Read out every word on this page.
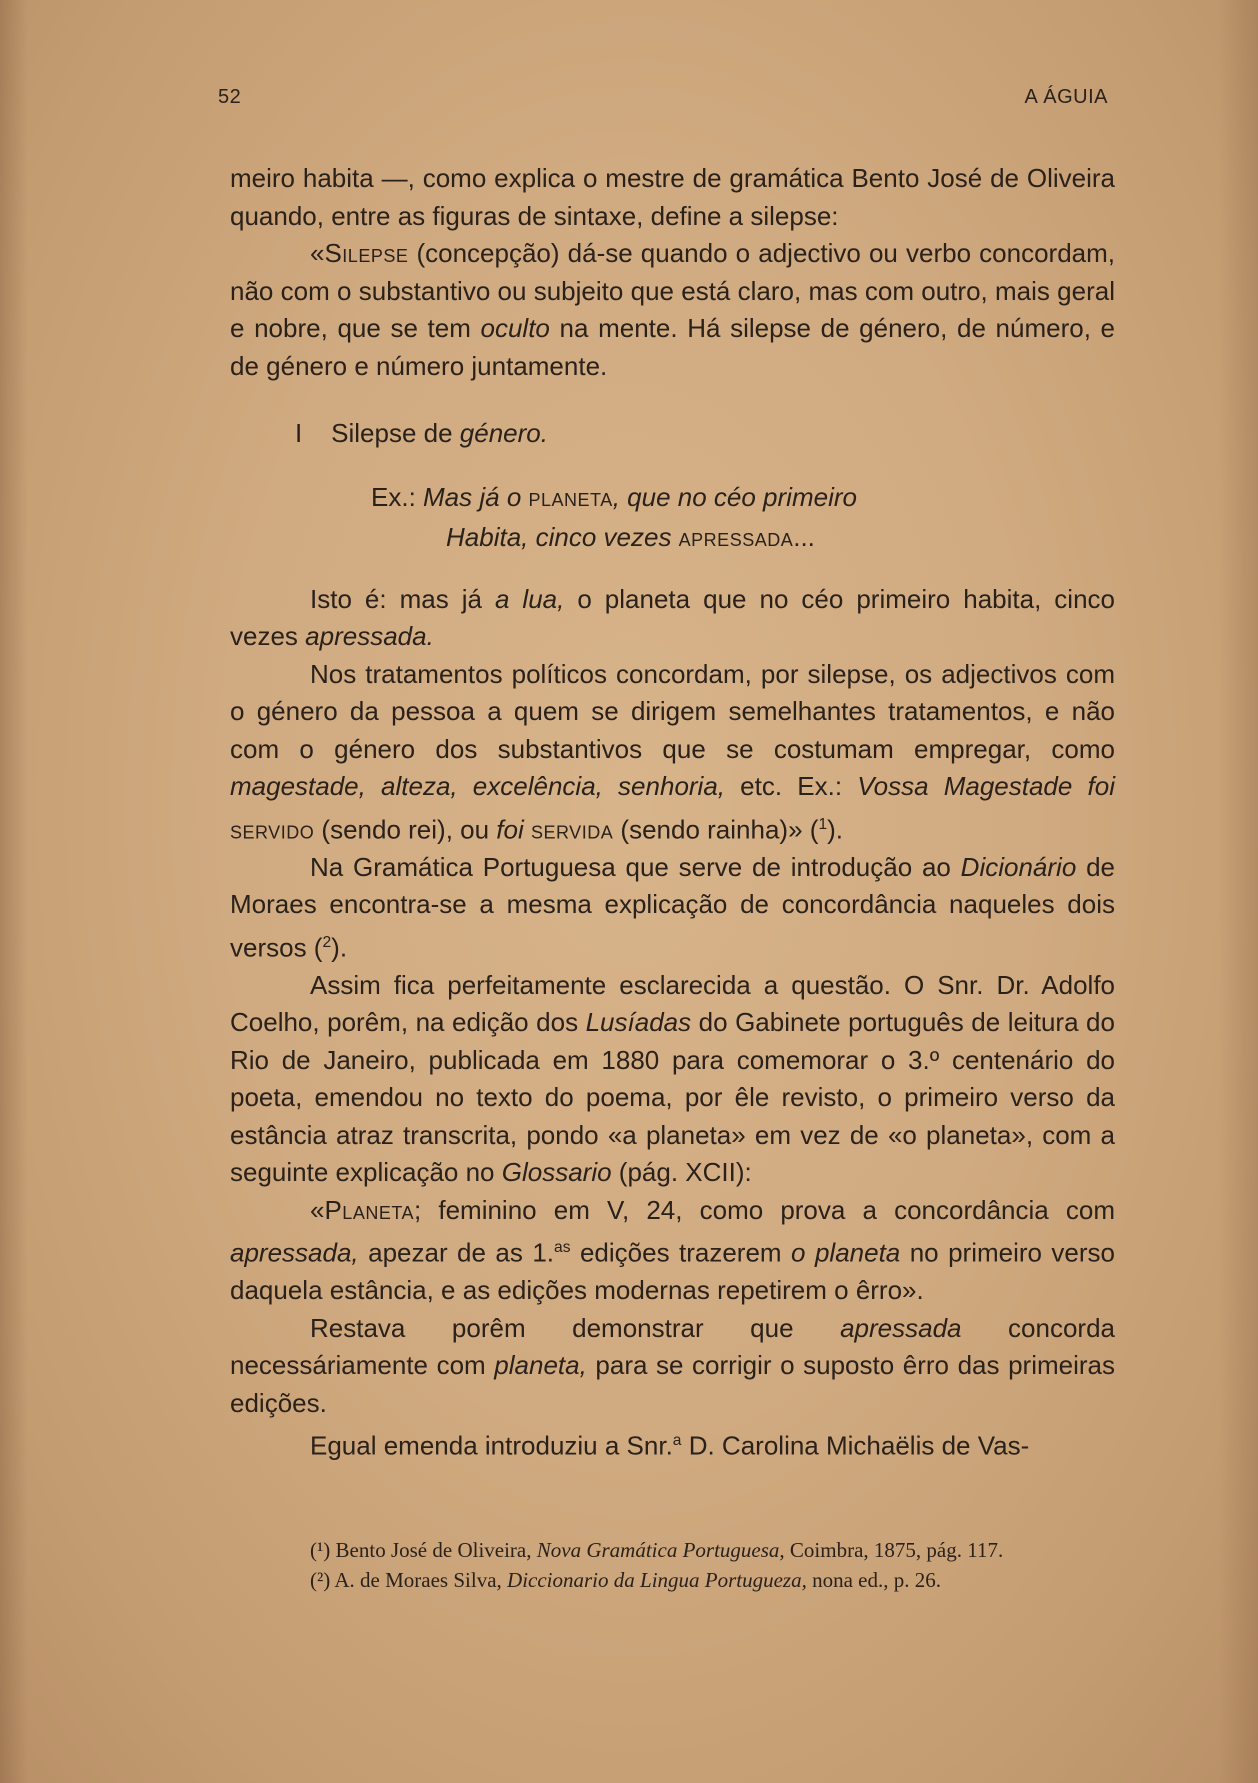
52	A ÁGUIA

meiro habita —, como explica o mestre de gramática Bento José de Oliveira quando, entre as figuras de sintaxe, define a silepse:

«Silepse (concepção) dá-se quando o adjectivo ou verbo concordam, não com o substantivo ou subjeito que está claro, mas com outro, mais geral e nobre, que se tem oculto na mente. Há silepse de género, de número, e de género e número juntamente.

I Silepse de género.

Ex.: Mas já o planeta, que no céo primeiro
Habita, cinco vezes apressada...

Isto é: mas já a lua, o planeta que no céo primeiro habita, cinco vezes apressada.

Nos tratamentos políticos concordam, por silepse, os adjectivos com o género da pessoa a quem se dirigem semelhantes tratamentos, e não com o género dos substantivos que se costumam empregar, como magestade, alteza, excelência, senhoria, etc. Ex.: Vossa Magestade foi servido (sendo rei), ou foi servida (sendo rainha)» ($^1$).

Na Gramática Portuguesa que serve de introdução ao Dicionário de Moraes encontra-se a mesma explicação de concordância naqueles dois versos ($^2$).

Assim fica perfeitamente esclarecida a questão. O Snr. Dr. Adolfo Coelho, porêm, na edição dos Lusíadas do Gabinete português de leitura do Rio de Janeiro, publicada em 1880 para comemorar o 3.º centenário do poeta, emendou no texto do poema, por êle revisto, o primeiro verso da estância atraz transcrita, pondo «a planeta» em vez de «o planeta», com a seguinte explicação no Glossario (pág. XCII):

«Planeta; feminino em V, 24, como prova a concordância com apressada, apezar de as 1.$^{as}$ edições trazerem o planeta no primeiro verso daquela estância, e as edições modernas repetirem o êrro».

Restava porêm demonstrar que apressada concorda necessáriamente com planeta, para se corrigir o suposto êrro das primeiras edições.

Egual emenda introduziu a Snr.$^a$ D. Carolina Michaëlis de Vas-

(¹) Bento José de Oliveira, Nova Gramática Portuguesa, Coimbra, 1875, pág. 117.

(²) A. de Moraes Silva, Diccionario da Lingua Portugueza, nona ed., p. 26.
